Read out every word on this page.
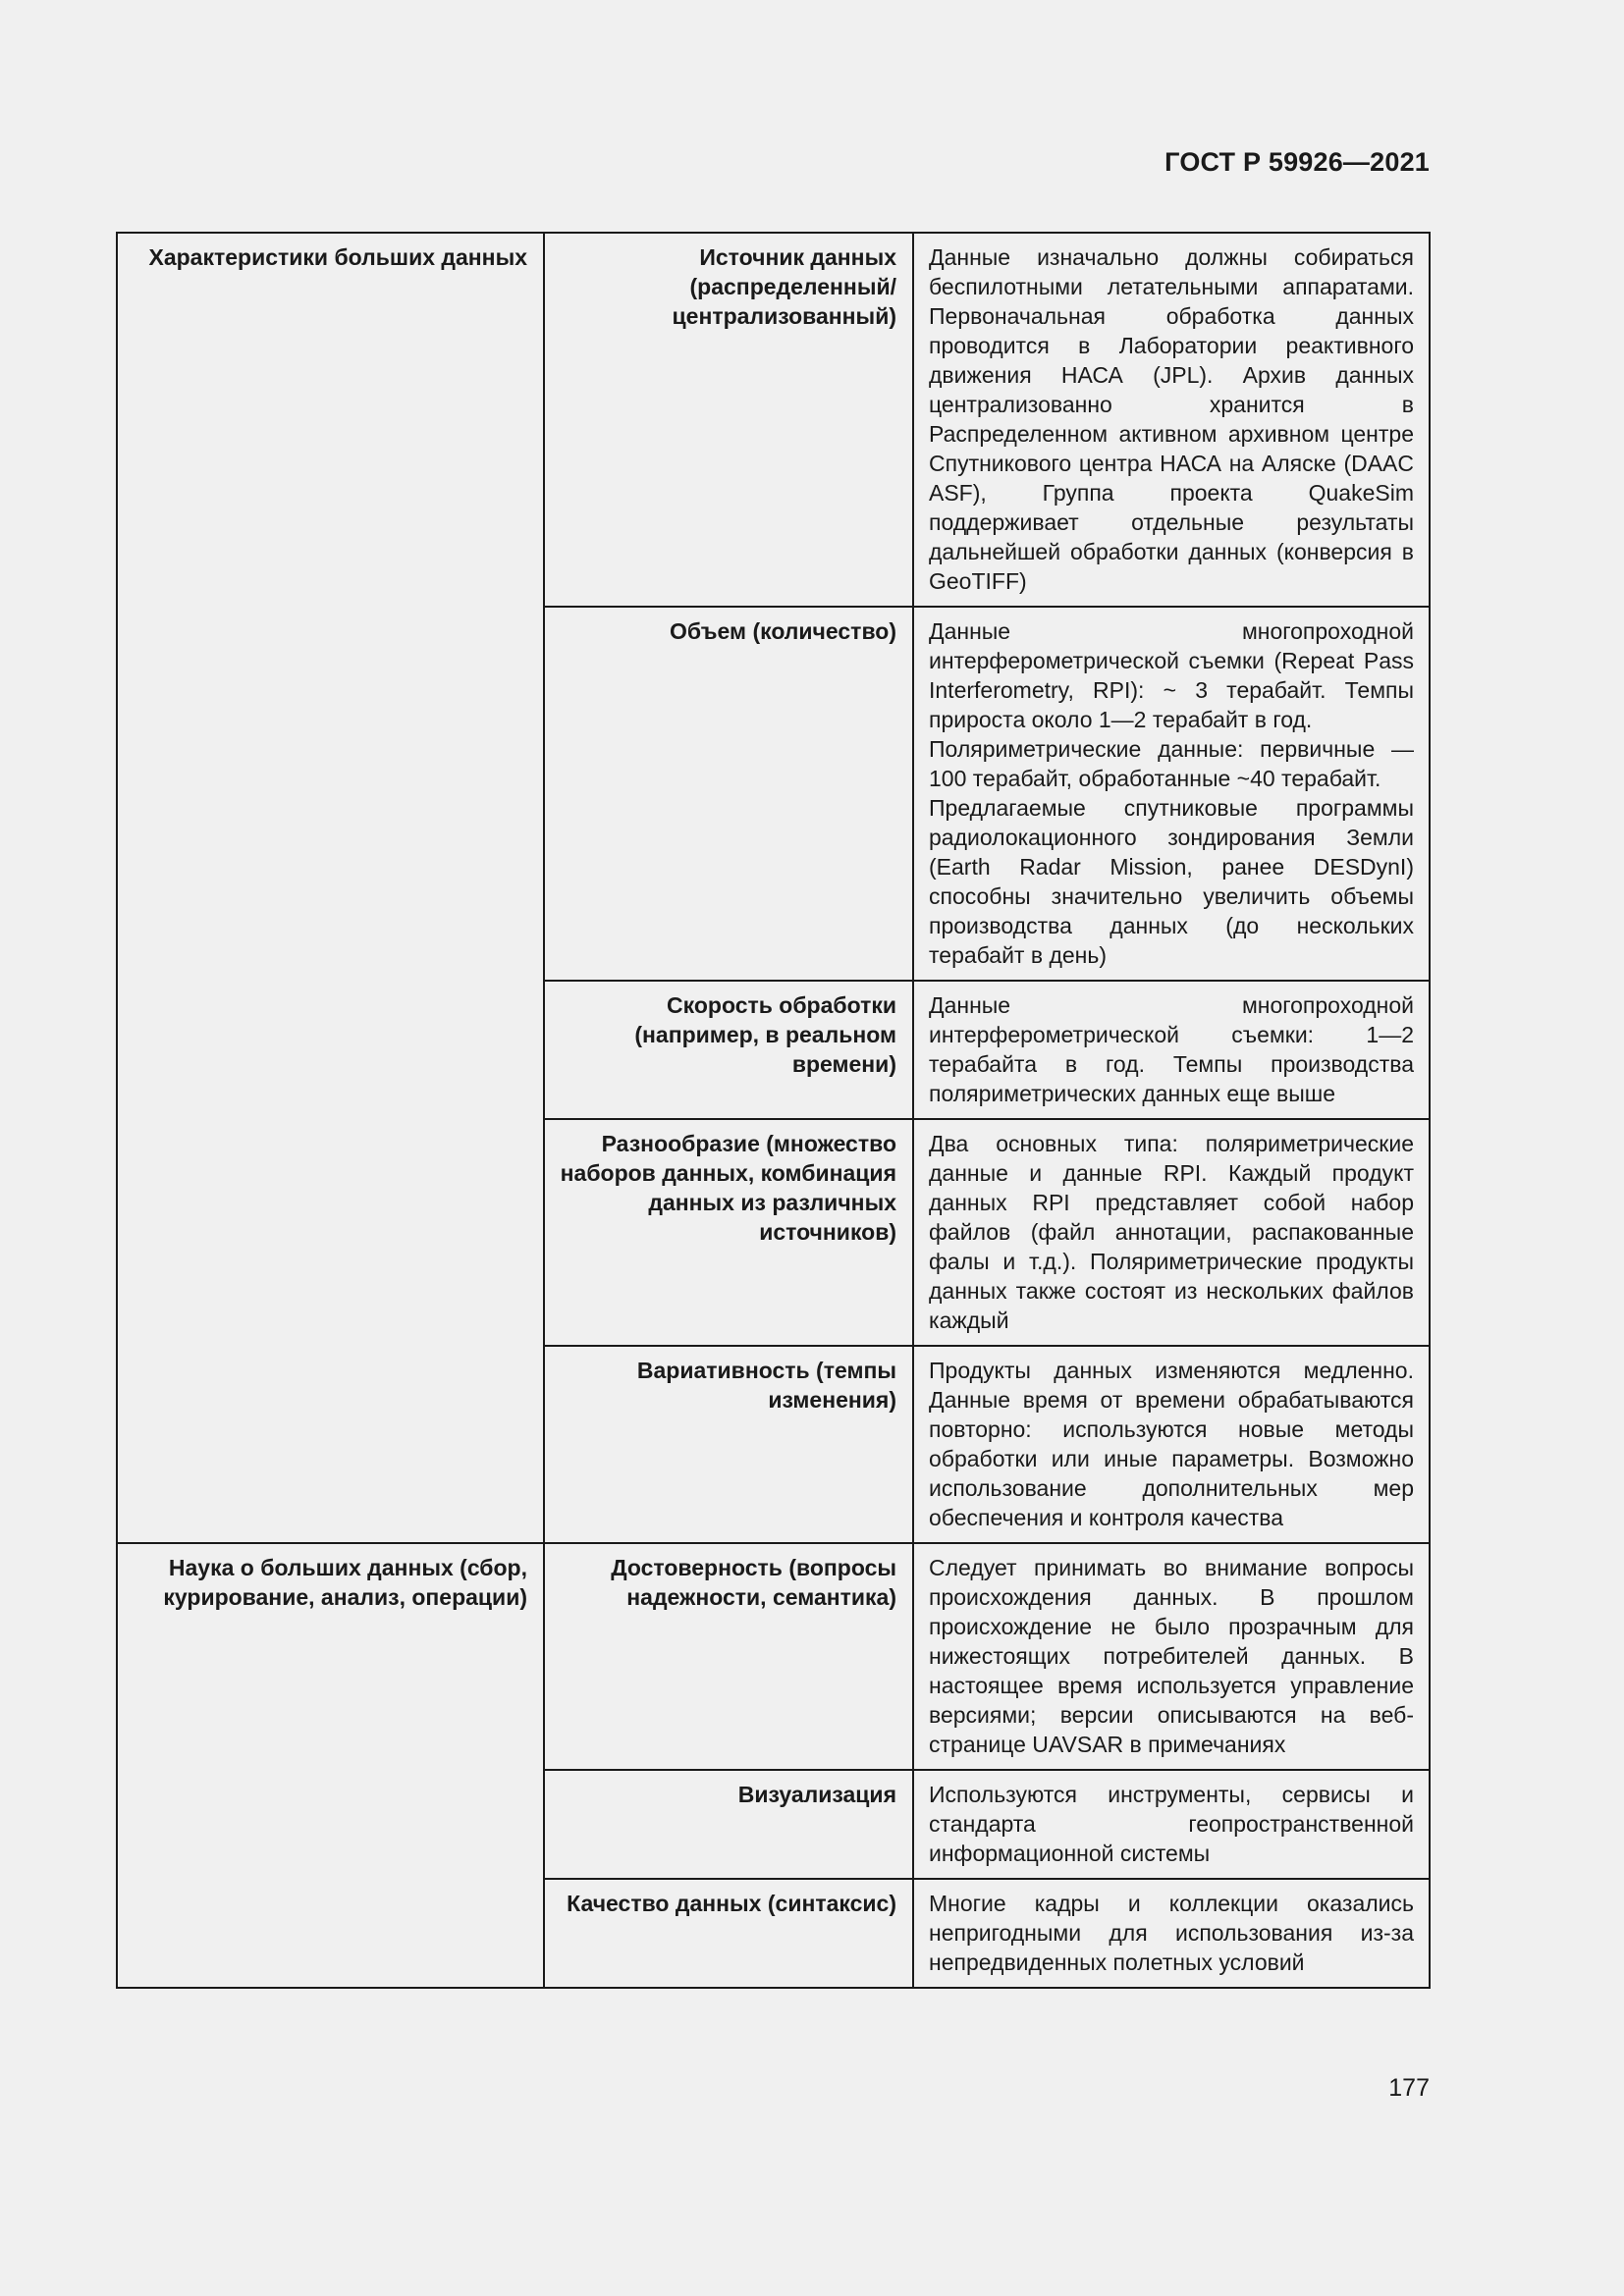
ГОСТ Р 59926—2021
Характеристики больших данных	Источник данных (распределенный/ централизованный)	Данные изначально должны собираться беспилотными летательными аппаратами. Первоначальная обработка данных проводится в Лаборатории реактивного движения НАСА (JPL). Архив данных централизованно хранится в Распределенном активном архивном центре Спутникового центра НАСА на Аляске (DAAC ASF), Группа проекта QuakeSim поддерживает отдельные результаты дальнейшей обработки данных (конверсия в GeoTIFF)

	Объем (количество)	Данные многопроходной интерферометрической съемки (Repeat Pass Interferometry, RPI): ~ 3 терабайт. Темпы прироста около 1—2 терабайт в год.
Поляриметрические данные: первичные — 100 терабайт, обработанные ~40 терабайт.
Предлагаемые спутниковые программы радиолокационного зондирования Земли (Earth Radar Mission, ранее DESDynI) способны значительно увеличить объемы производства данных (до нескольких терабайт в день)

	Скорость обработки (например, в реальном времени)	Данные многопроходной интерферометрической съемки: 1—2 терабайта в год. Темпы производства поляриметрических данных еще выше

	Разнообразие (множество наборов данных, комбинация данных из различных источников)	Два основных типа: поляриметрические данные и данные RPI. Каждый продукт данных RPI представляет собой набор файлов (файл аннотации, распакованные фалы и т.д.). Поляриметрические продукты данных также состоят из нескольких файлов каждый

	Вариативность (темпы изменения)	Продукты данных изменяются медленно. Данные время от времени обрабатываются повторно: используются новые методы обработки или иные параметры. Возможно использование дополнительных мер обеспечения и контроля качества

Наука о больших данных (сбор, курирование, анализ, операции)	Достоверность (вопросы надежности, семантика)	Следует принимать во внимание вопросы происхождения данных. В прошлом происхождение не было прозрачным для нижестоящих потребителей данных. В настоящее время используется управление версиями; версии описываются на веб-странице UAVSAR в примечаниях

	Визуализация	Используются инструменты, сервисы и стандарта геопространственной информационной системы

	Качество данных (синтаксис)	Многие кадры и коллекции оказались непригодными для использования из-за непредвиденных полетных условий
177
